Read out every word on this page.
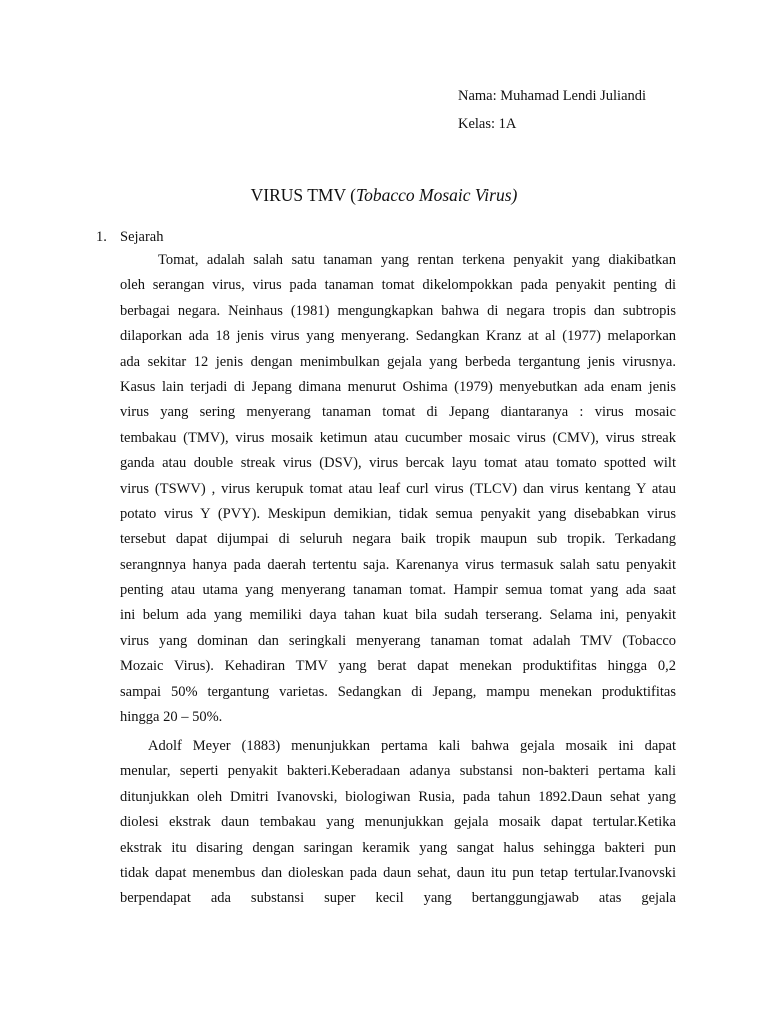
Nama: Muhamad Lendi Juliandi
Kelas: 1A
VIRUS TMV (Tobacco Mosaic Virus)
1. Sejarah
Tomat, adalah salah satu tanaman yang rentan terkena penyakit yang diakibatkan
oleh serangan virus, virus pada tanaman tomat dikelompokkan pada penyakit penting di
berbagai negara. Neinhaus (1981) mengungkapkan bahwa di negara tropis dan subtropis
dilaporkan ada 18 jenis virus yang menyerang. Sedangkan Kranz at al (1977) melaporkan
ada sekitar 12 jenis dengan menimbulkan gejala yang berbeda tergantung jenis virusnya.
Kasus lain terjadi di Jepang dimana menurut Oshima (1979) menyebutkan ada enam jenis
virus yang sering menyerang tanaman tomat di Jepang diantaranya : virus mosaic
tembakau (TMV), virus mosaik ketimun atau cucumber mosaic virus (CMV), virus streak
ganda atau double streak virus (DSV), virus bercak layu tomat atau tomato spotted wilt
virus (TSWV) , virus kerupuk tomat atau leaf curl virus (TLCV) dan virus kentang Y atau
potato virus Y (PVY). Meskipun demikian, tidak semua penyakit yang disebabkan virus
tersebut dapat dijumpai di seluruh negara baik tropik maupun sub tropik. Terkadang
serangnnya hanya pada daerah tertentu saja. Karenanya virus termasuk salah satu penyakit
penting atau utama yang menyerang tanaman tomat. Hampir semua tomat yang ada saat
ini belum ada yang memiliki daya tahan kuat bila sudah terserang. Selama ini, penyakit
virus yang dominan dan seringkali menyerang tanaman tomat adalah TMV (Tobacco
Mozaic Virus). Kehadiran TMV yang berat dapat menekan produktifitas hingga 0,2
sampai 50% tergantung varietas. Sedangkan di Jepang, mampu menekan produktifitas
hingga 20 – 50%.
Adolf Meyer (1883) menunjukkan pertama kali bahwa gejala mosaik ini dapat
menular, seperti penyakit bakteri.Keberadaan adanya substansi non-bakteri pertama kali
ditunjukkan oleh Dmitri Ivanovski, biologiwan Rusia, pada tahun 1892.Daun sehat yang
diolesi ekstrak daun tembakau yang menunjukkan gejala mosaik dapat tertular.Ketika
ekstrak itu disaring dengan saringan keramik yang sangat halus sehingga bakteri pun
tidak dapat menembus dan dioleskan pada daun sehat, daun itu pun tetap tertular.Ivanovski
berpendapat ada substansi super kecil yang bertanggungjawab atas gejala
